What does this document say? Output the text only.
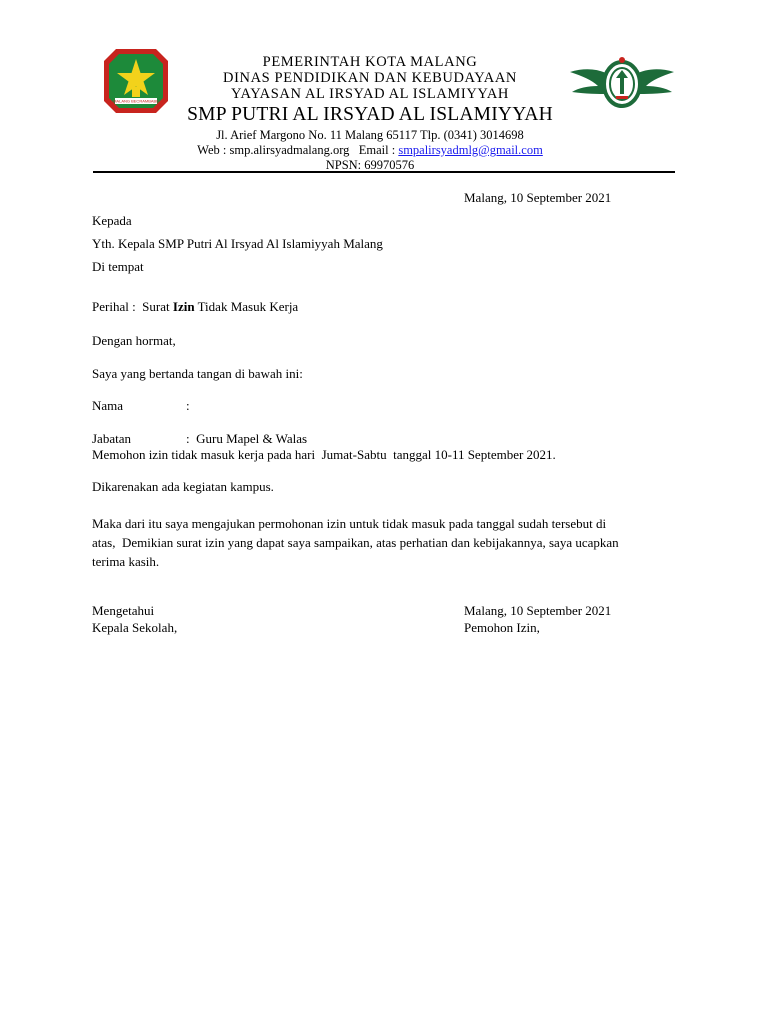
MALANG BECRAMBABE
PEMERINTAH KOTA MALANG
DINAS PENDIDIKAN DAN KEBUDAYAAN
YAYASAN AL IRSYAD AL ISLAMIYYAH
SMP PUTRI AL IRSYAD AL ISLAMIYYAH
Jl. Arief Margono No. 11 Malang 65117 Tlp. (0341) 3014698
Web : smp.alirsyadmalang.org   Email : smpalirsyadmlg@gmail.com
NPSN: 69970576
Malang, 10 September 2021
Kepada
Yth. Kepala SMP Putri Al Irsyad Al Islamiyyah Malang
Di tempat
Perihal :  Surat Izin Tidak Masuk Kerja
Dengan hormat,
Saya yang bertanda tangan di bawah ini:
Nama	:
Jabatan	:  Guru Mapel & Walas
Memohon izin tidak masuk kerja pada hari  Jumat-Sabtu  tanggal 10-11 September 2021.
Dikarenakan ada kegiatan kampus.
Maka dari itu saya mengajukan permohonan izin untuk tidak masuk pada tanggal sudah tersebut di
atas,  Demikian surat izin yang dapat saya sampaikan, atas perhatian dan kebijakannya, saya ucapkan
terima kasih.
Mengetahui
Kepala Sekolah,
Malang, 10 September 2021
Pemohon Izin,
